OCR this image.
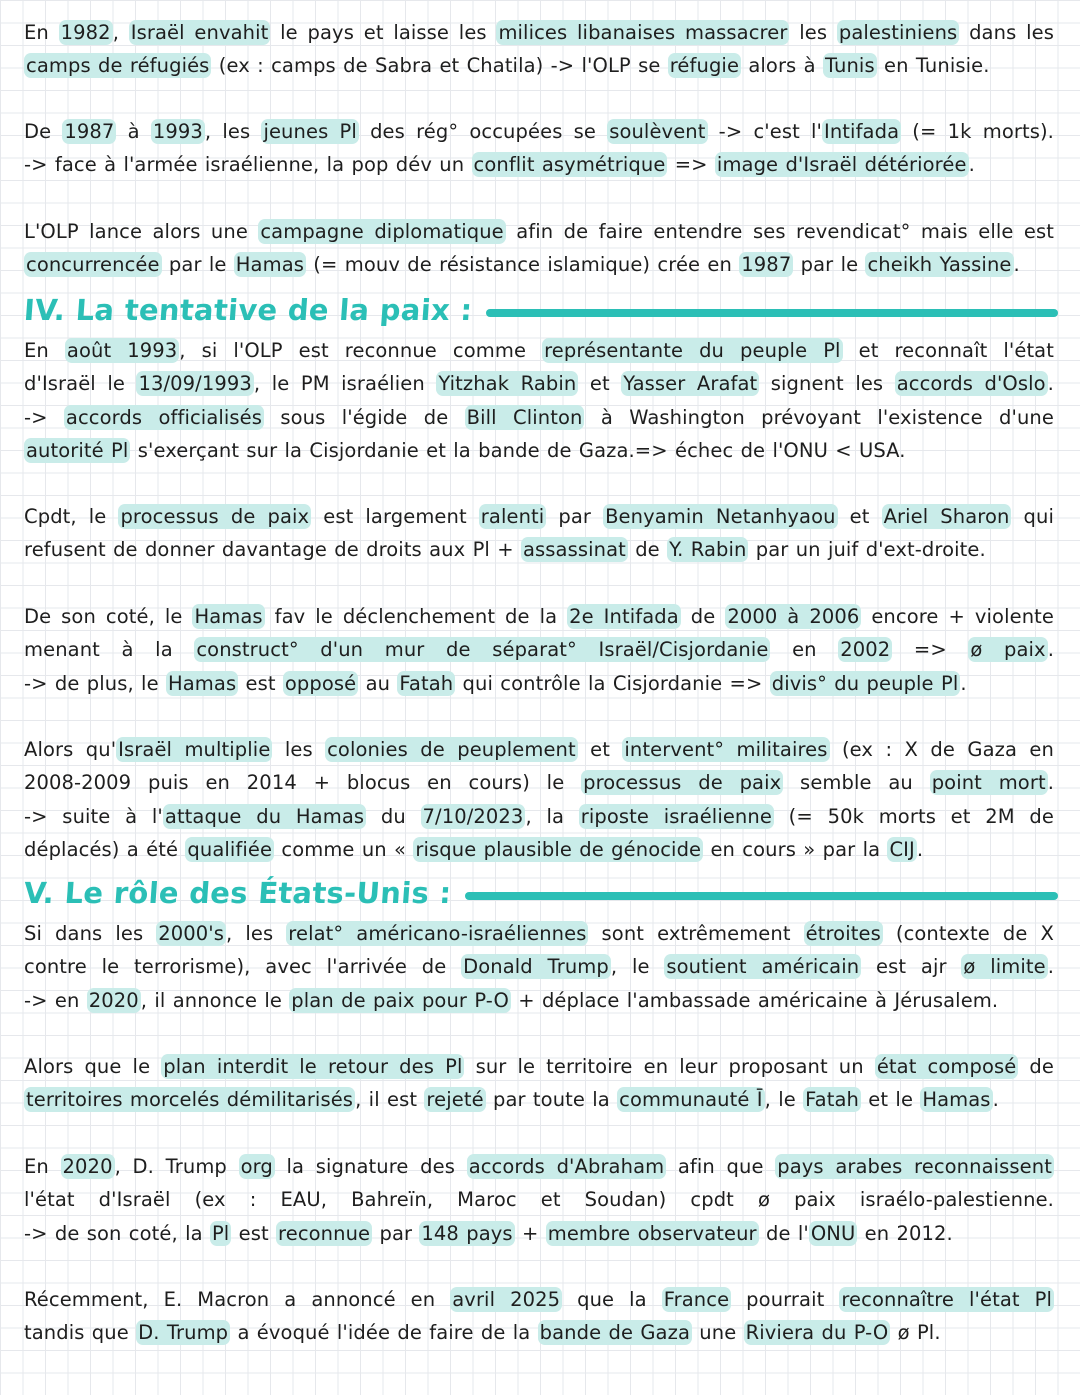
En 1982 , Israël envahit le pays et laisse les milices libanaises massacrer les palestiniens dans les
camps de réfugiés (ex : camps de Sabra et Chatila) -> l'OLP se réfugie alors à Tunis en Tunisie.
De 1987 à 1993 , les jeunes Pl des rég° occupées se soulèvent -> c'est l' Intifada (= 1k morts).
-> face à l'armée israélienne, la pop dév un conflit asymétrique => image d'Israël détériorée .
L'OLP lance alors une campagne diplomatique afin de faire entendre ses revendicat° mais elle est
concurrencée par le Hamas (= mouv de résistance islamique) crée en 1987 par le cheikh Yassine .
IV. La tentative de la paix :
En août 1993 , si l'OLP est reconnue comme représentante du peuple Pl et reconnaît l'état
d'Israël le 13/09/1993 , le PM israélien Yitzhak Rabin et Yasser Arafat signent les accords d'Oslo .
-> accords officialisés sous l'égide de Bill Clinton à Washington prévoyant l'existence d'une
autorité Pl s'exerçant sur la Cisjordanie et la bande de Gaza.=> échec de l'ONU < USA.
Cpdt, le processus de paix est largement ralenti par Benyamin Netanhyaou et Ariel Sharon qui
refusent de donner davantage de droits aux Pl + assassinat de Y. Rabin par un juif d'ext-droite.
De son coté, le Hamas fav le déclenchement de la 2e Intifada de 2000 à 2006 encore + violente
menant à la construct° d'un mur de séparat° Israël/Cisjordanie en 2002 => ø paix .
-> de plus, le Hamas est opposé au Fatah qui contrôle la Cisjordanie => divis° du peuple Pl .
Alors qu' Israël multiplie les colonies de peuplement et intervent° militaires (ex : X de Gaza en
2008-2009 puis en 2014 + blocus en cours) le processus de paix semble au point mort .
-> suite à l' attaque du Hamas du 7/10/2023 , la riposte israélienne (= 50k morts et 2M de
déplacés) a été qualifiée comme un « risque plausible de génocide en cours » par la CIJ .
V. Le rôle des États-Unis :
Si dans les 2000's , les relat° américano-israéliennes sont extrêmement étroites (contexte de X
contre le terrorisme), avec l'arrivée de Donald Trump , le soutient américain est ajr ø limite .
-> en 2020 , il annonce le plan de paix pour P-O + déplace l'ambassade américaine à Jérusalem.
Alors que le plan interdit le retour des Pl sur le territoire en leur proposant un état composé de
territoires morcelés démilitarisés , il est rejeté par toute la communauté Ī , le Fatah et le Hamas .
En 2020 , D. Trump org la signature des accords d'Abraham afin que pays arabes reconnaissent
l'état d'Israël (ex : EAU, Bahreïn, Maroc et Soudan) cpdt ø paix israélo-palestienne.
-> de son coté, la Pl est reconnue par 148 pays + membre observateur de l' ONU en 2012.
Récemment, E. Macron a annoncé en avril 2025 que la France pourrait reconnaître l'état Pl
tandis que D. Trump a évoqué l'idée de faire de la bande de Gaza une Riviera du P-O ø Pl.
